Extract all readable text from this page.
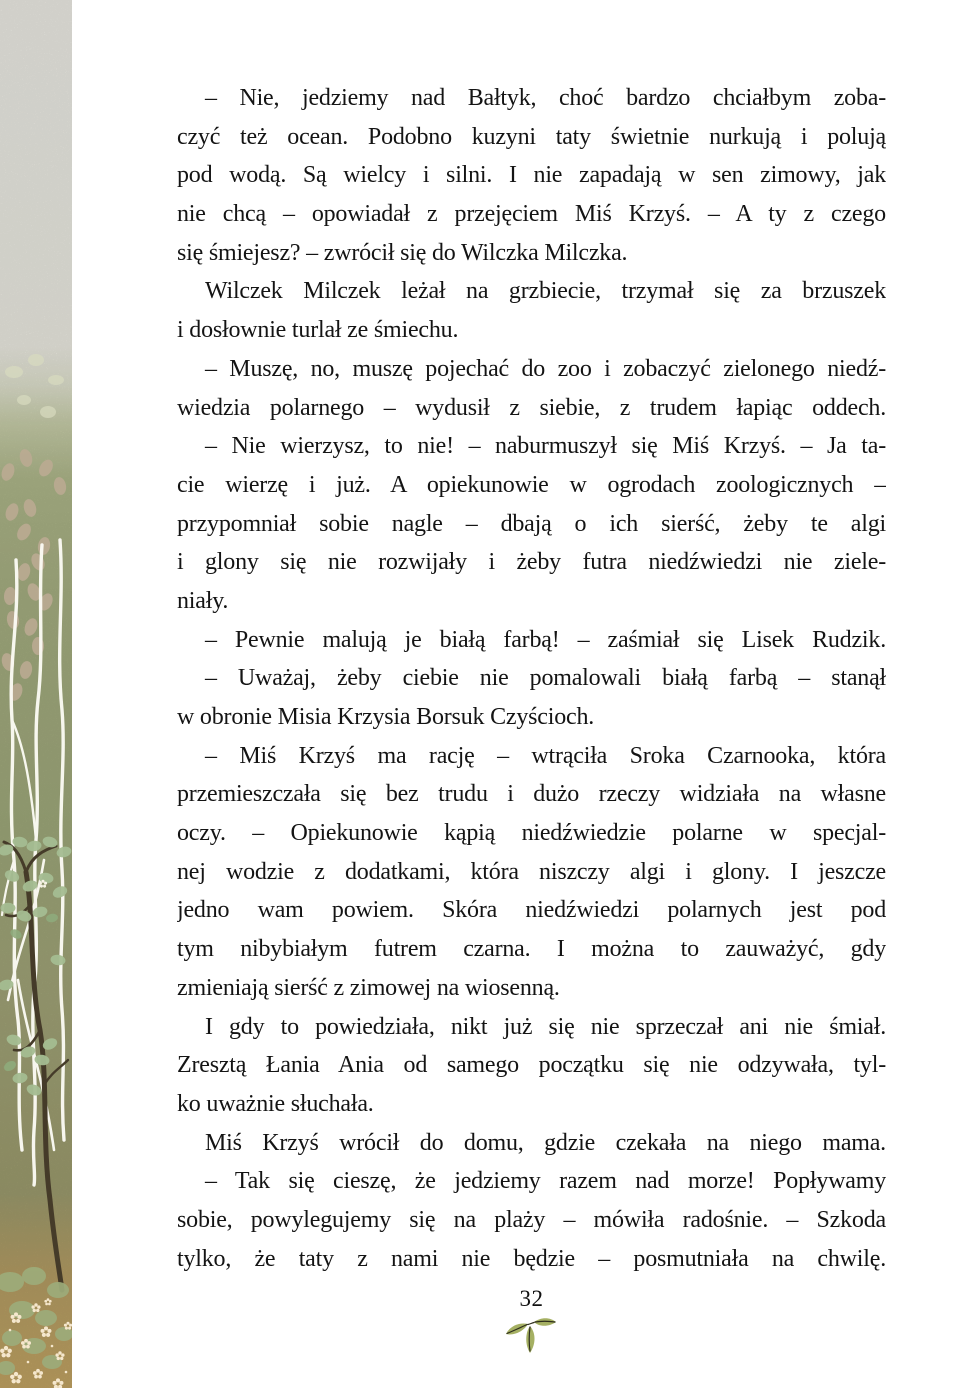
– Nie, jedziemy nad Bałtyk, choć bardzo chciałbym zoba-
czyć też ocean. Podobno kuzyni taty świetnie nurkują i polują
pod wodą. Są wielcy i silni. I nie zapadają w sen zimowy, jak
nie chcą – opowiadał z przejęciem Miś Krzyś. – A ty z czego
się śmiejesz? – zwrócił się do Wilczka Milczka.
Wilczek Milczek leżał na grzbiecie, trzymał się za brzuszek
i dosłownie turlał ze śmiechu.
– Muszę, no, muszę pojechać do zoo i zobaczyć zielonego niedź-
wiedzia polarnego – wydusił z siebie, z trudem łapiąc oddech.
– Nie wierzysz, to nie! – naburmuszył się Miś Krzyś. – Ja ta-
cie wierzę i już. A opiekunowie w ogrodach zoologicznych –
przypomniał sobie nagle – dbają o ich sierść, żeby te algi
i glony się nie rozwijały i żeby futra niedźwiedzi nie ziele-
niały.
– Pewnie malują je białą farbą! – zaśmiał się Lisek Rudzik.
– Uważaj, żeby ciebie nie pomalowali białą farbą – stanął
w obronie Misia Krzysia Borsuk Czyścioch.
– Miś Krzyś ma rację – wtrąciła Sroka Czarnooka, która
przemieszczała się bez trudu i dużo rzeczy widziała na własne
oczy. – Opiekunowie kąpią niedźwiedzie polarne w specjal-
nej wodzie z dodatkami, która niszczy algi i glony. I jeszcze
jedno wam powiem. Skóra niedźwiedzi polarnych jest pod
tym nibybiałym futrem czarna. I można to zauważyć, gdy
zmieniają sierść z zimowej na wiosenną.
I gdy to powiedziała, nikt już się nie sprzeczał ani nie śmiał.
Zresztą Łania Ania od samego początku się nie odzywała, tyl-
ko uważnie słuchała.
Miś Krzyś wrócił do domu, gdzie czekała na niego mama.
– Tak się cieszę, że jedziemy razem nad morze! Popływamy
sobie, powylegujemy się na plaży – mówiła radośnie. – Szkoda
tylko, że taty z nami nie będzie – posmutniała na chwilę.
32
